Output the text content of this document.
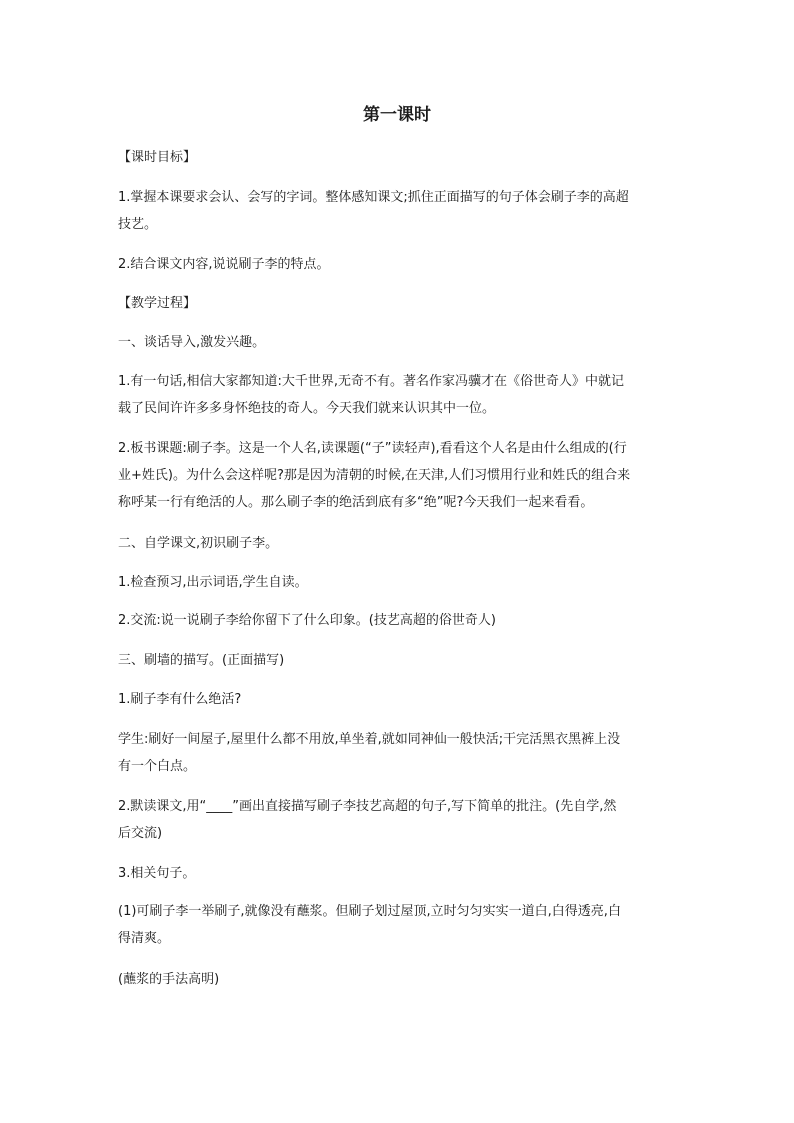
第一课时

【课时目标】

1.掌握本课要求会认、会写的字词。整体感知课文;抓住正面描写的句子体会刷子李的高超
技艺。

2.结合课文内容,说说刷子李的特点。

【教学过程】

一、谈话导入,激发兴趣。

1.有一句话,相信大家都知道:大千世界,无奇不有。著名作家冯骥才在《俗世奇人》中就记
载了民间许许多多身怀绝技的奇人。今天我们就来认识其中一位。

2.板书课题:刷子李。这是一个人名,读课题(“子”读轻声),看看这个人名是由什么组成的(行
业+姓氏)。为什么会这样呢?那是因为清朝的时候,在天津,人们习惯用行业和姓氏的组合来
称呼某一行有绝活的人。那么刷子李的绝活到底有多“绝”呢?今天我们一起来看看。

二、自学课文,初识刷子李。

1.检查预习,出示词语,学生自读。

2.交流:说一说刷子李给你留下了什么印象。(技艺高超的俗世奇人)

三、刷墙的描写。(正面描写)

1.刷子李有什么绝活?

学生:刷好一间屋子,屋里什么都不用放,单坐着,就如同神仙一般快活;干完活黑衣黑裤上没
有一个白点。

2.默读课文,用“____”画出直接描写刷子李技艺高超的句子,写下简单的批注。(先自学,然
后交流)

3.相关句子。

(1)可刷子李一举刷子,就像没有蘸浆。但刷子划过屋顶,立时匀匀实实一道白,白得透亮,白
得清爽。

(蘸浆的手法高明)
